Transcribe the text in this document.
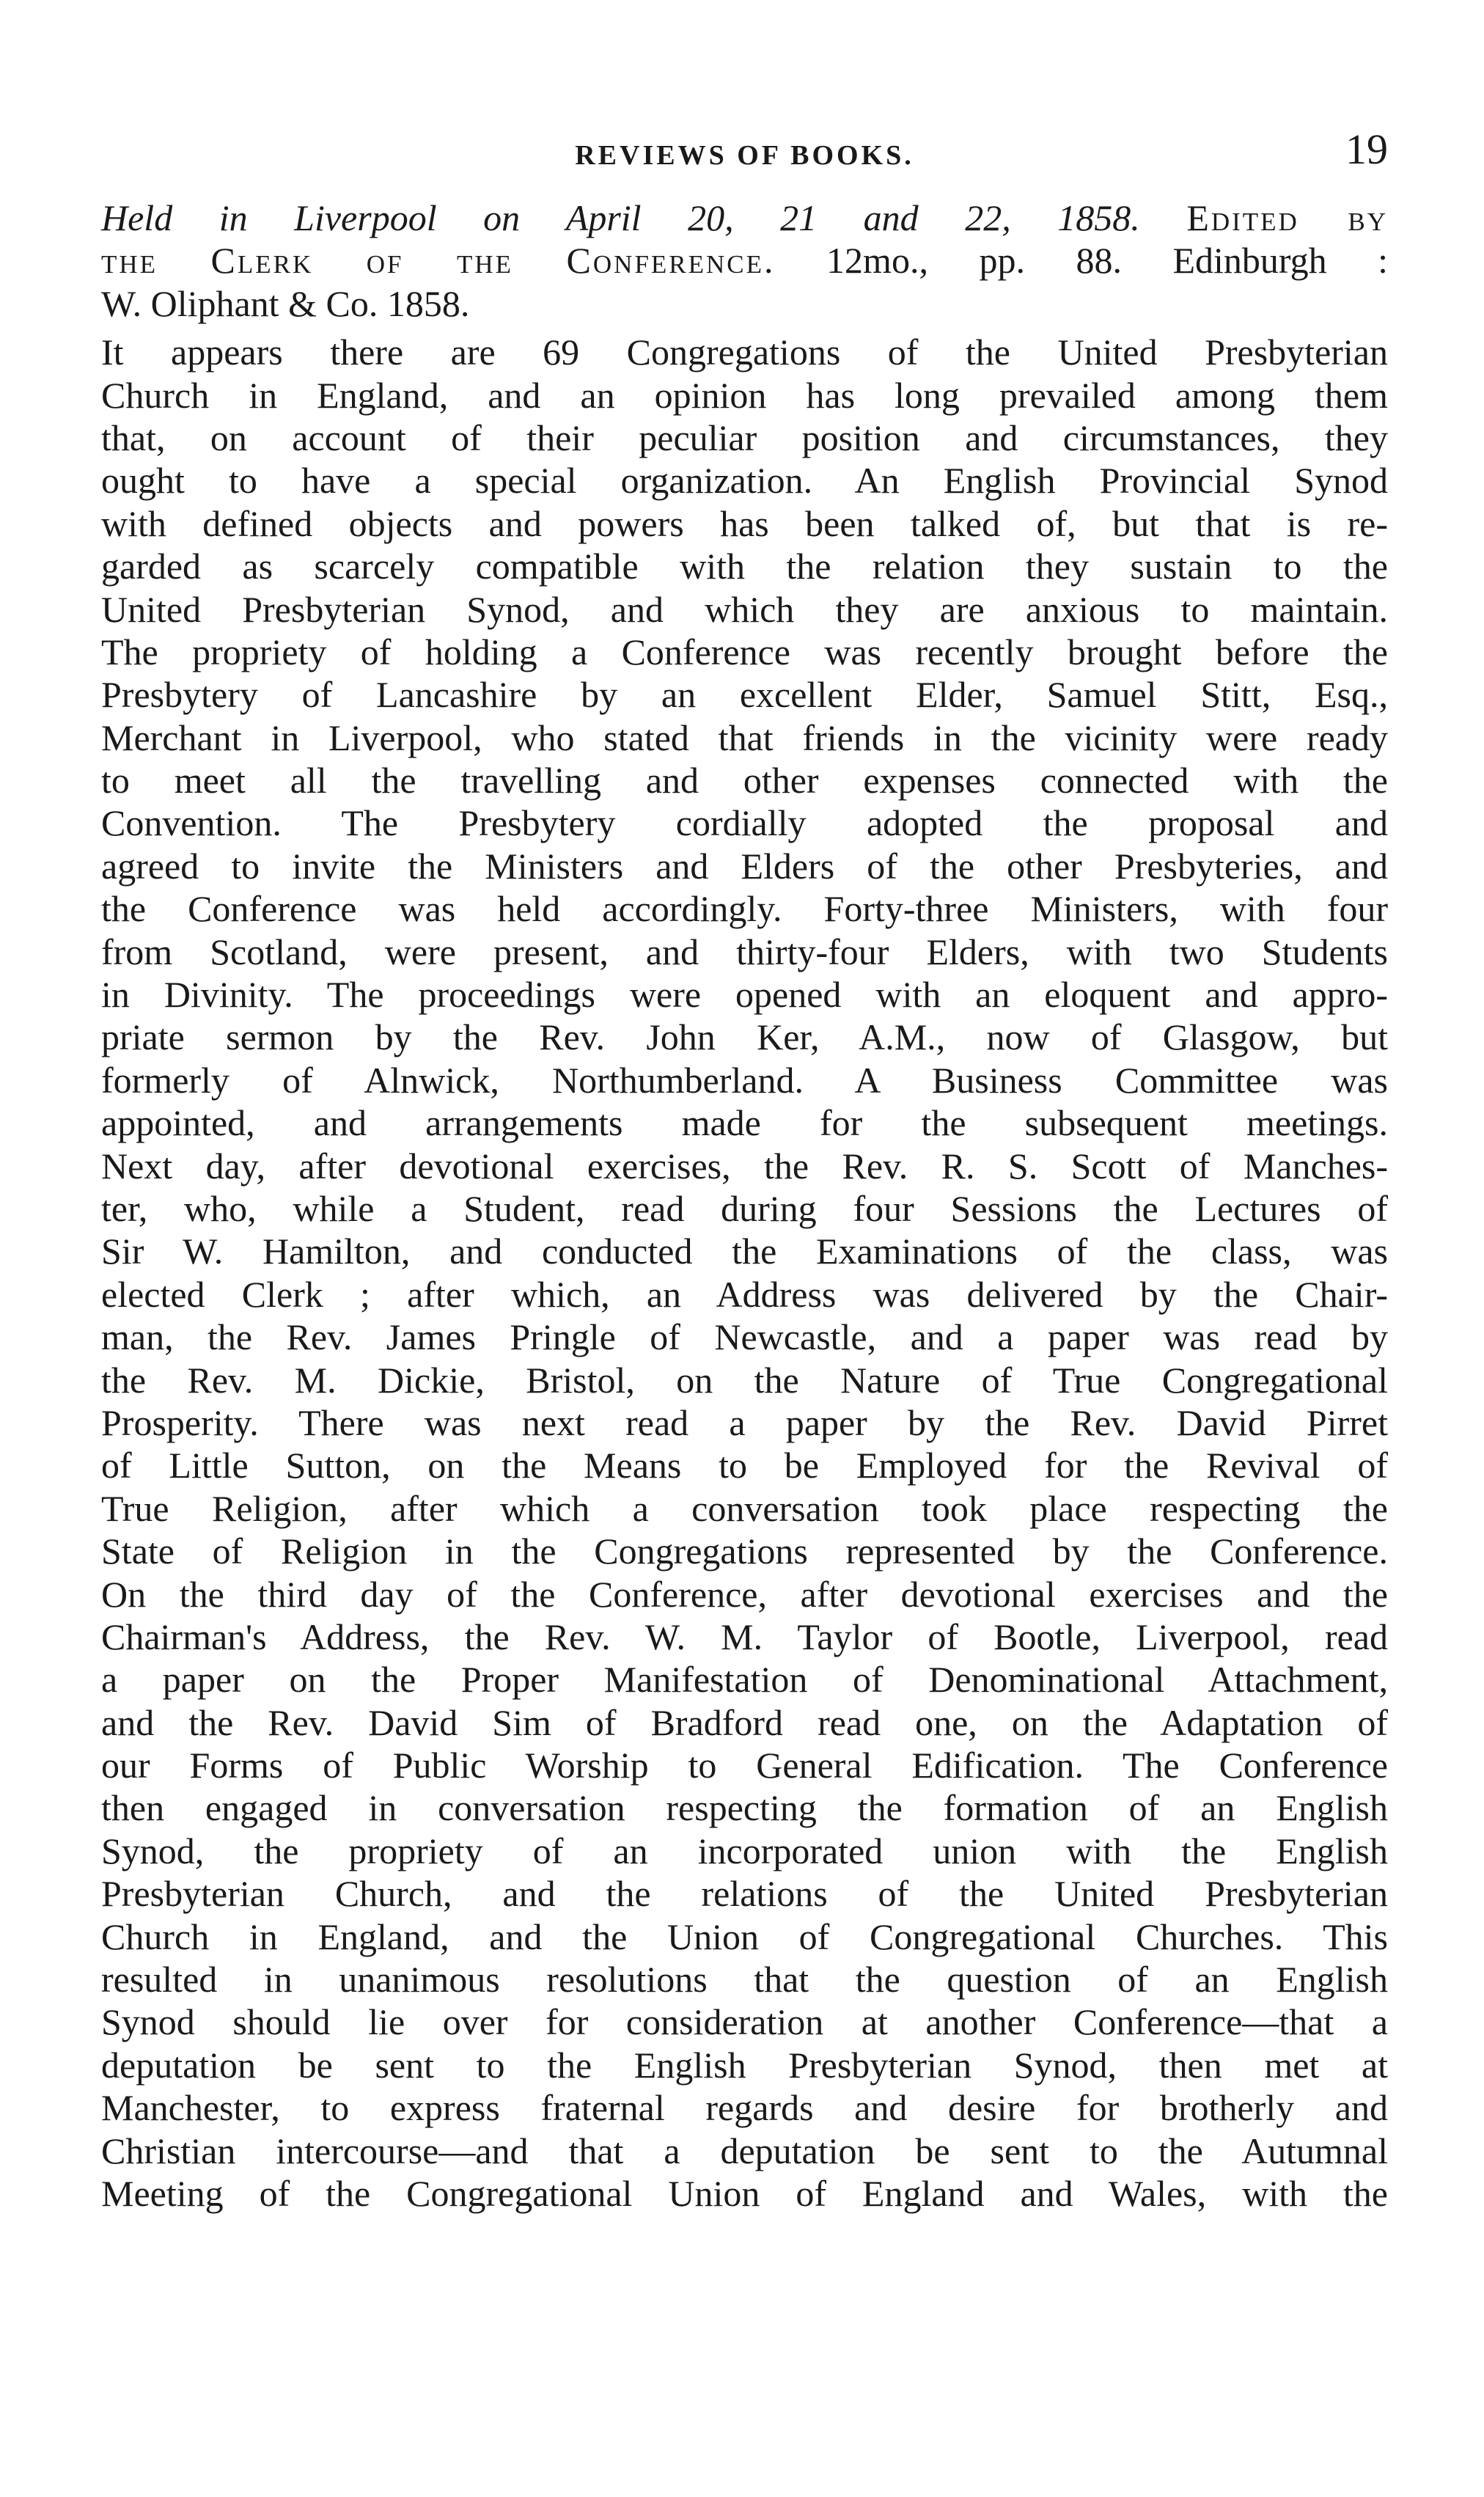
REVIEWS OF BOOKS.	19
Held in Liverpool on April 20, 21 and 22, 1858. Edited by
the Clerk of the Conference. 12mo., pp. 88. Edinburgh :
W. Oliphant & Co. 1858.
It appears there are 69 Congregations of the United Presbyterian
Church in England, and an opinion has long prevailed among them
that, on account of their peculiar position and circumstances, they
ought to have a special organization. An English Provincial Synod
with defined objects and powers has been talked of, but that is re-
garded as scarcely compatible with the relation they sustain to the
United Presbyterian Synod, and which they are anxious to maintain.
The propriety of holding a Conference was recently brought before the
Presbytery of Lancashire by an excellent Elder, Samuel Stitt, Esq.,
Merchant in Liverpool, who stated that friends in the vicinity were ready
to meet all the travelling and other expenses connected with the
Convention. The Presbytery cordially adopted the proposal and
agreed to invite the Ministers and Elders of the other Presbyteries, and
the Conference was held accordingly. Forty-three Ministers, with four
from Scotland, were present, and thirty-four Elders, with two Students
in Divinity. The proceedings were opened with an eloquent and appro-
priate sermon by the Rev. John Ker, A.M., now of Glasgow, but
formerly of Alnwick, Northumberland. A Business Committee was
appointed, and arrangements made for the subsequent meetings.
Next day, after devotional exercises, the Rev. R. S. Scott of Manches-
ter, who, while a Student, read during four Sessions the Lectures of
Sir W. Hamilton, and conducted the Examinations of the class, was
elected Clerk ; after which, an Address was delivered by the Chair-
man, the Rev. James Pringle of Newcastle, and a paper was read by
the Rev. M. Dickie, Bristol, on the Nature of True Congregational
Prosperity. There was next read a paper by the Rev. David Pirret
of Little Sutton, on the Means to be Employed for the Revival of
True Religion, after which a conversation took place respecting the
State of Religion in the Congregations represented by the Conference.
On the third day of the Conference, after devotional exercises and the
Chairman's Address, the Rev. W. M. Taylor of Bootle, Liverpool, read
a paper on the Proper Manifestation of Denominational Attachment,
and the Rev. David Sim of Bradford read one, on the Adaptation of
our Forms of Public Worship to General Edification. The Conference
then engaged in conversation respecting the formation of an English
Synod, the propriety of an incorporated union with the English
Presbyterian Church, and the relations of the United Presbyterian
Church in England, and the Union of Congregational Churches. This
resulted in unanimous resolutions that the question of an English
Synod should lie over for consideration at another Conference—that a
deputation be sent to the English Presbyterian Synod, then met at
Manchester, to express fraternal regards and desire for brotherly and
Christian intercourse—and that a deputation be sent to the Autumnal
Meeting of the Congregational Union of England and Wales, with the
